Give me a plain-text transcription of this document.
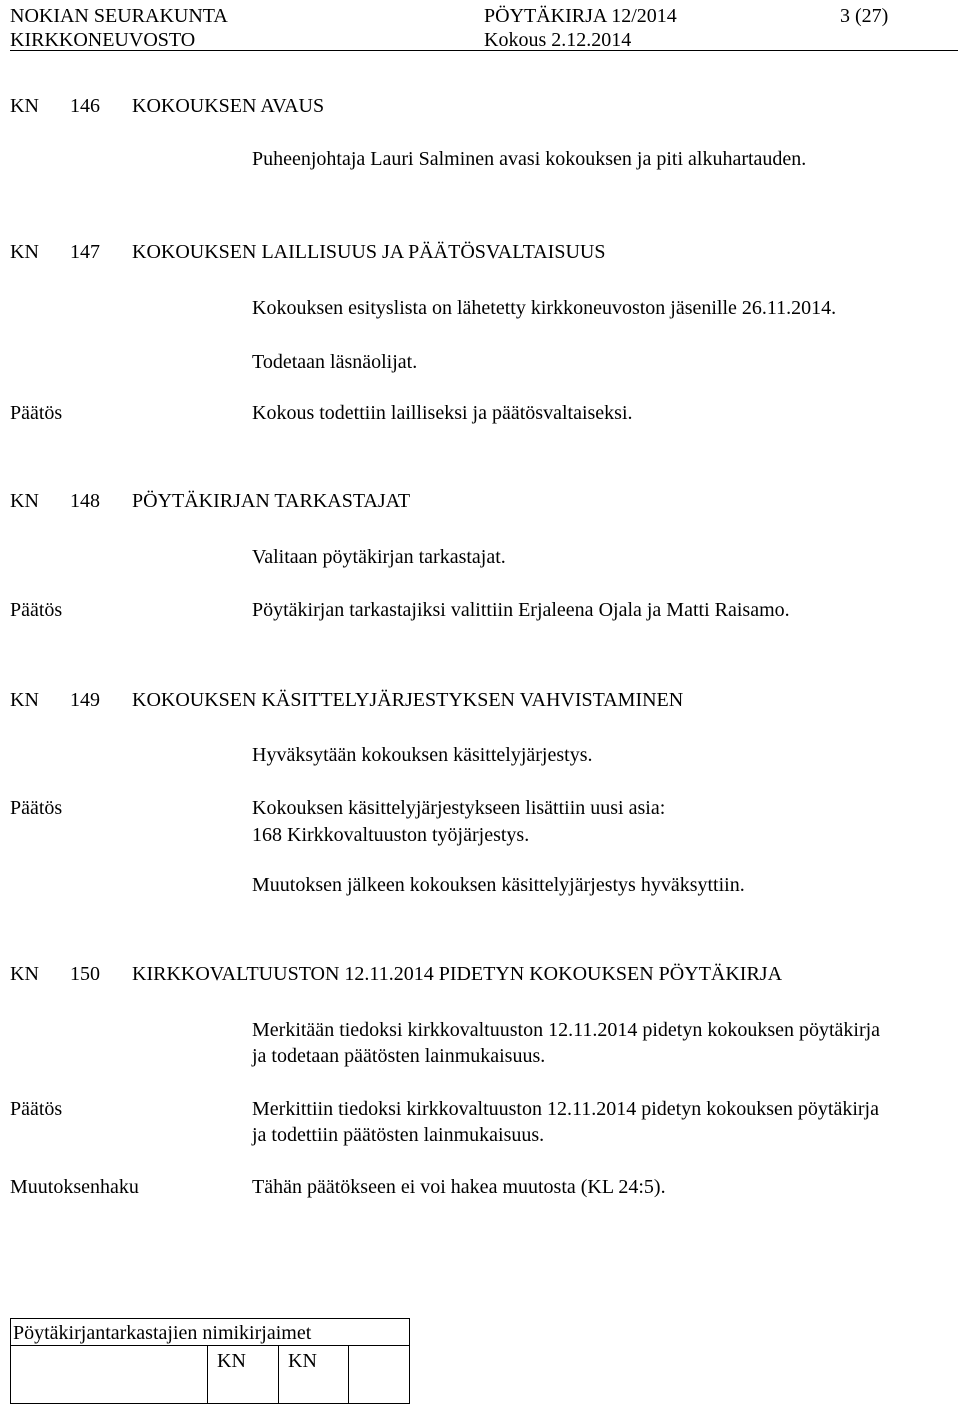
NOKIAN SEURAKUNTA
KIRKKONEUVOSTO
PÖYTÄKIRJA 12/2014
Kokous 2.12.2014
3 (27)
KN 146 KOKOUKSEN AVAUS
Puheenjohtaja Lauri Salminen avasi kokouksen ja piti alkuhartauden.
KN 147 KOKOUKSEN LAILLISUUS JA PÄÄTÖSVALTAISUUS
Kokouksen esityslista on lähetetty kirkkoneuvoston jäsenille 26.11.2014.
Todetaan läsnäolijat.
Päätös	Kokous todettiin lailliseksi ja päätösvaltaiseksi.
KN 148 PÖYTÄKIRJAN TARKASTAJAT
Valitaan pöytäkirjan tarkastajat.
Päätös	Pöytäkirjan tarkastajiksi valittiin Erjaleena Ojala ja Matti Raisamo.
KN 149 KOKOUKSEN KÄSITTELYJÄRJESTYKSEN VAHVISTAMINEN
Hyväksytään kokouksen käsittelyjärjestys.
Päätös	Kokouksen käsittelyjärjestykseen lisättiin uusi asia:
168 Kirkkovaltuuston työjärjestys.
Muutoksen jälkeen kokouksen käsittelyjärjestys hyväksyttiin.
KN 150 KIRKKOVALTUUSTON 12.11.2014 PIDETYN KOKOUKSEN PÖYTÄKIRJA
Merkitään tiedoksi kirkkovaltuuston 12.11.2014 pidetyn kokouksen pöytäkirja
ja todetaan päätösten lainmukaisuus.
Päätös	Merkittiin tiedoksi kirkkovaltuuston 12.11.2014 pidetyn kokouksen pöytäkirja
ja todettiin päätösten lainmukaisuus.
Muutoksenhaku	Tähän päätökseen ei voi hakea muutosta (KL 24:5).
Pöytäkirjantarkastajien nimikirjaimet
KN KN
